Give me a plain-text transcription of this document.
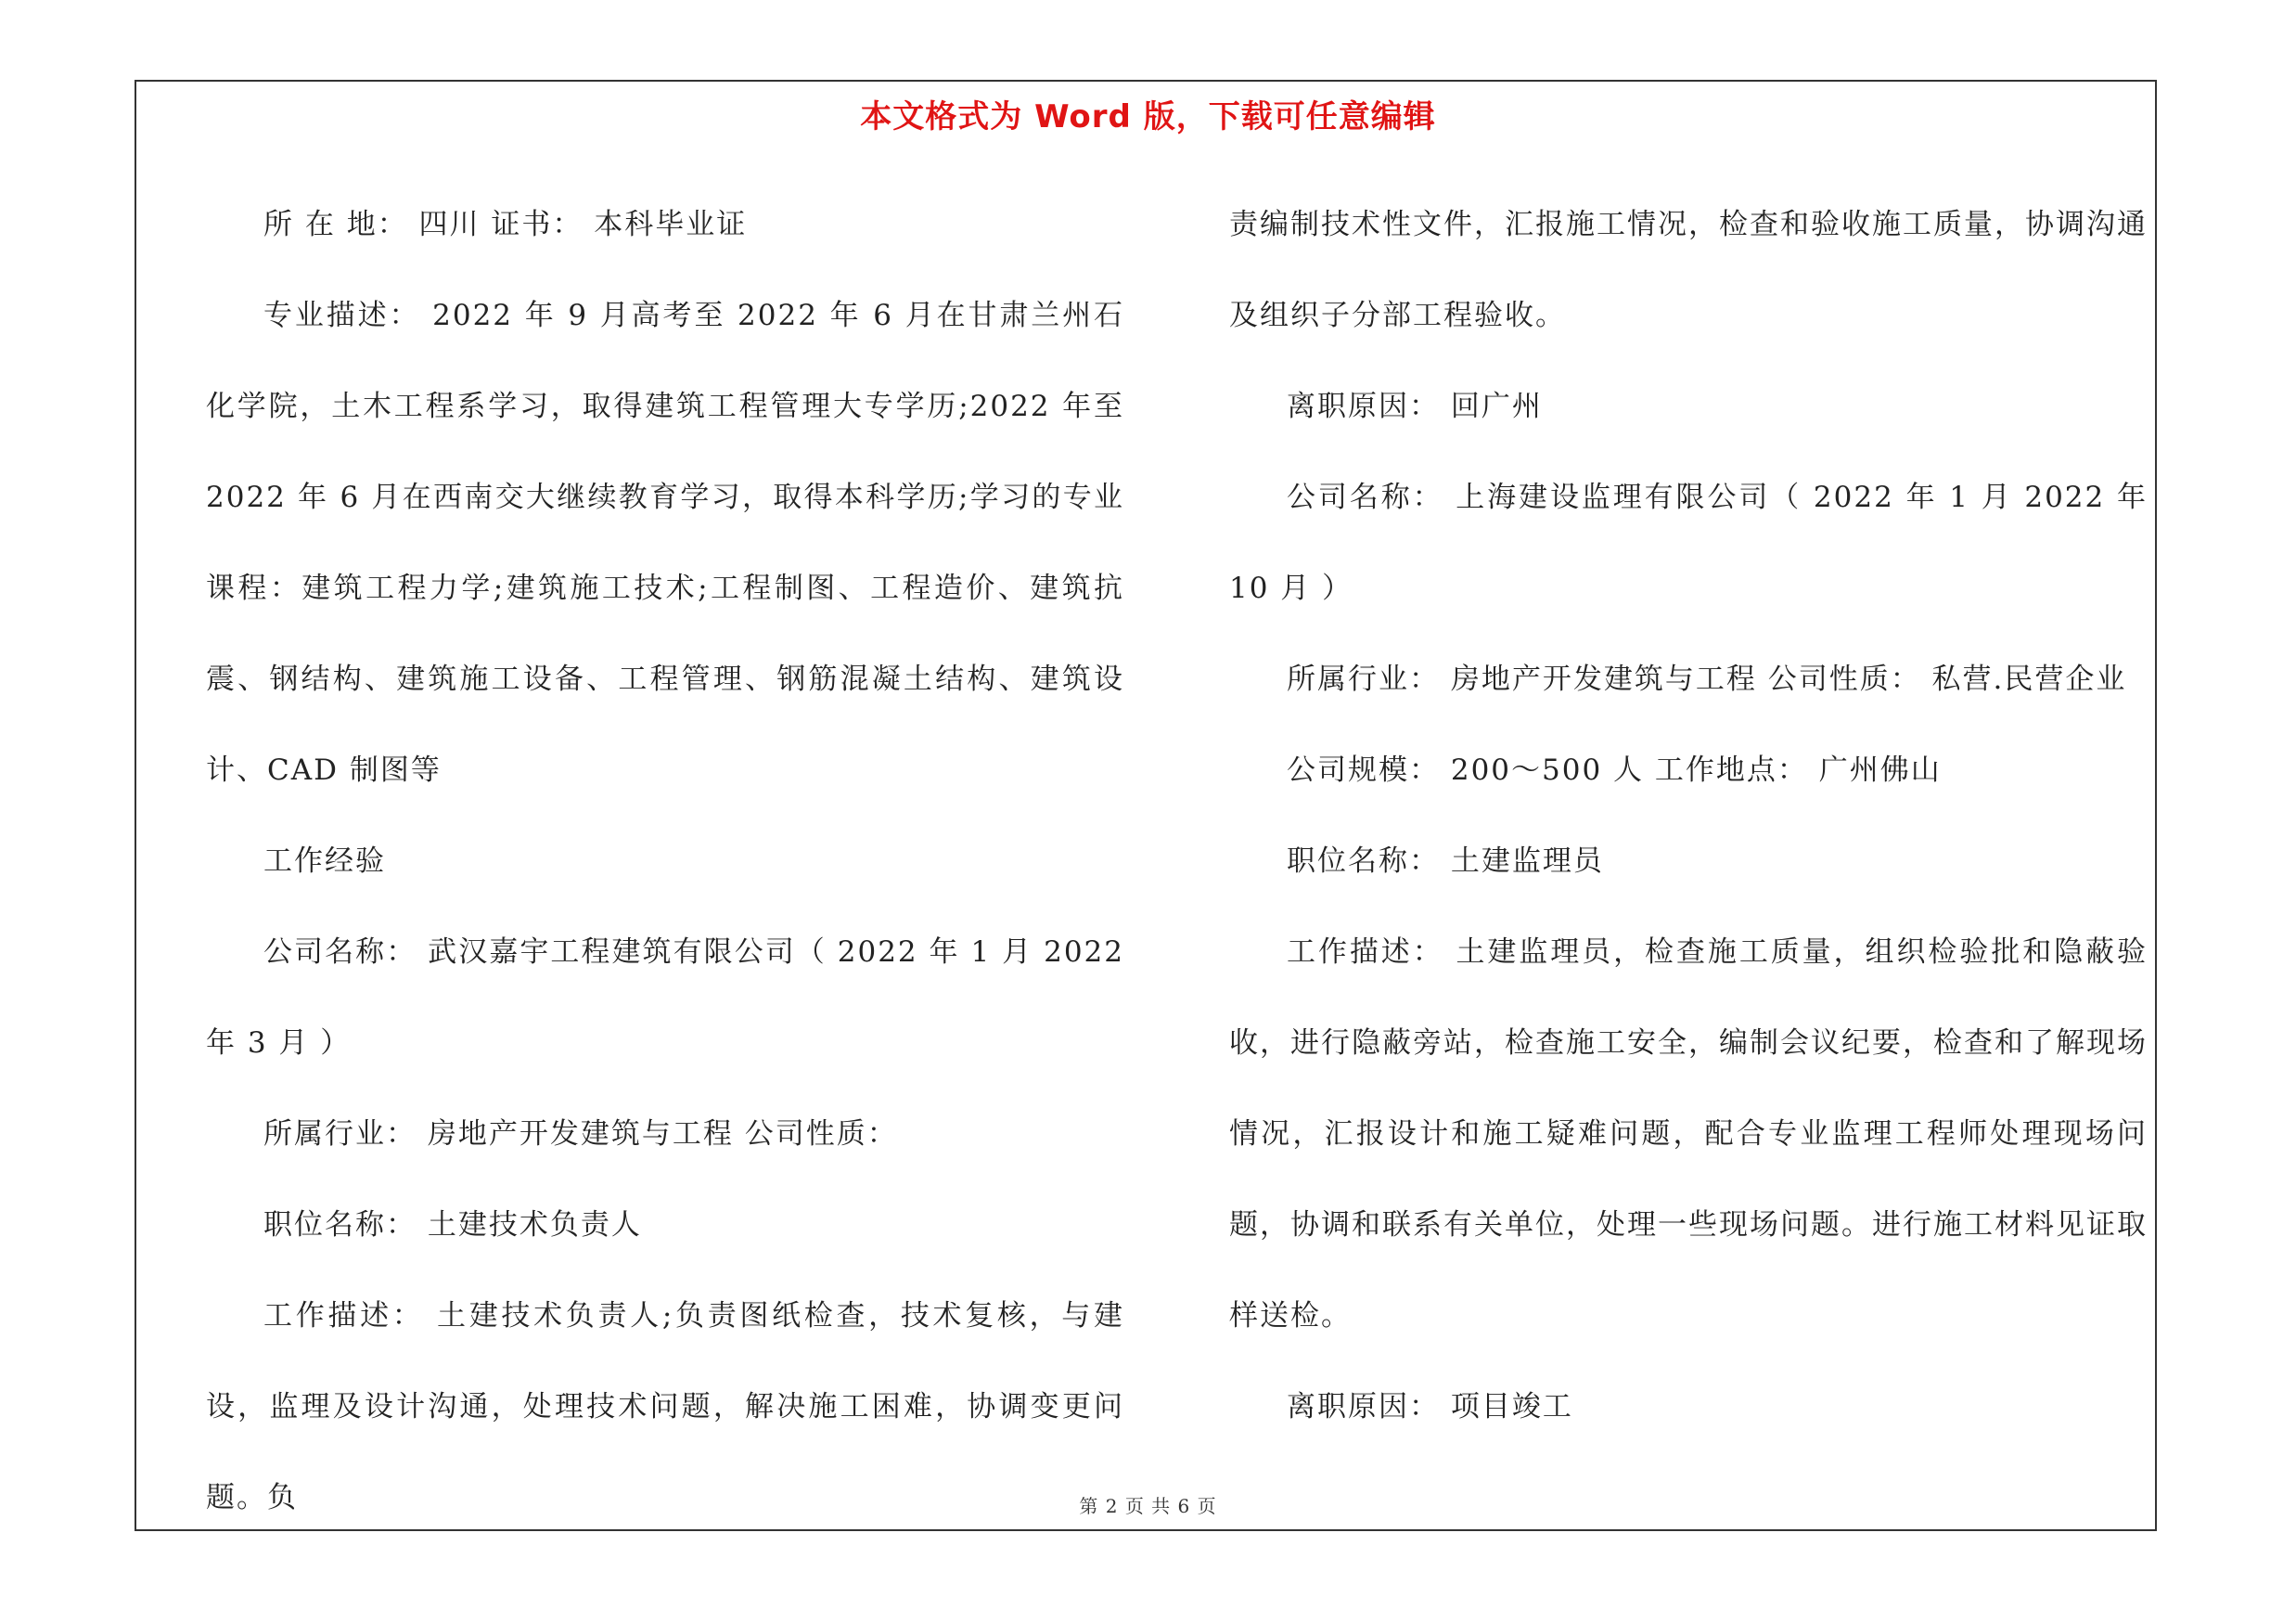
本文格式为 Word 版，下载可任意编辑

所 在 地： 四川 证书： 本科毕业证

专业描述： 2022 年 9 月高考至 2022 年 6 月在甘肃兰州石化学院，土木工程系学习，取得建筑工程管理大专学历;2022 年至 2022 年 6 月在西南交大继续教育学习，取得本科学历;学习的专业课程：建筑工程力学;建筑施工技术;工程制图、工程造价、建筑抗震、钢结构、建筑施工设备、工程管理、钢筋混凝土结构、建筑设计、CAD 制图等

工作经验

公司名称： 武汉嘉宇工程建筑有限公司（ 2022 年 1 月 2022 年 3 月 ）

所属行业： 房地产开发建筑与工程 公司性质：

职位名称： 土建技术负责人

工作描述： 土建技术负责人;负责图纸检查，技术复核，与建设，监理及设计沟通，处理技术问题，解决施工困难，协调变更问题。负

责编制技术性文件，汇报施工情况，检查和验收施工质量，协调沟通及组织子分部工程验收。

离职原因： 回广州

公司名称： 上海建设监理有限公司（ 2022 年 1 月 2022 年 10 月 ）

所属行业： 房地产开发建筑与工程 公司性质： 私营.民营企业

公司规模： 200～500 人 工作地点： 广州佛山

职位名称： 土建监理员

工作描述： 土建监理员，检查施工质量，组织检验批和隐蔽验收，进行隐蔽旁站，检查施工安全，编制会议纪要，检查和了解现场情况，汇报设计和施工疑难问题，配合专业监理工程师处理现场问题，协调和联系有关单位，处理一些现场问题。进行施工材料见证取样送检。

离职原因： 项目竣工

第 2 页 共 6 页
